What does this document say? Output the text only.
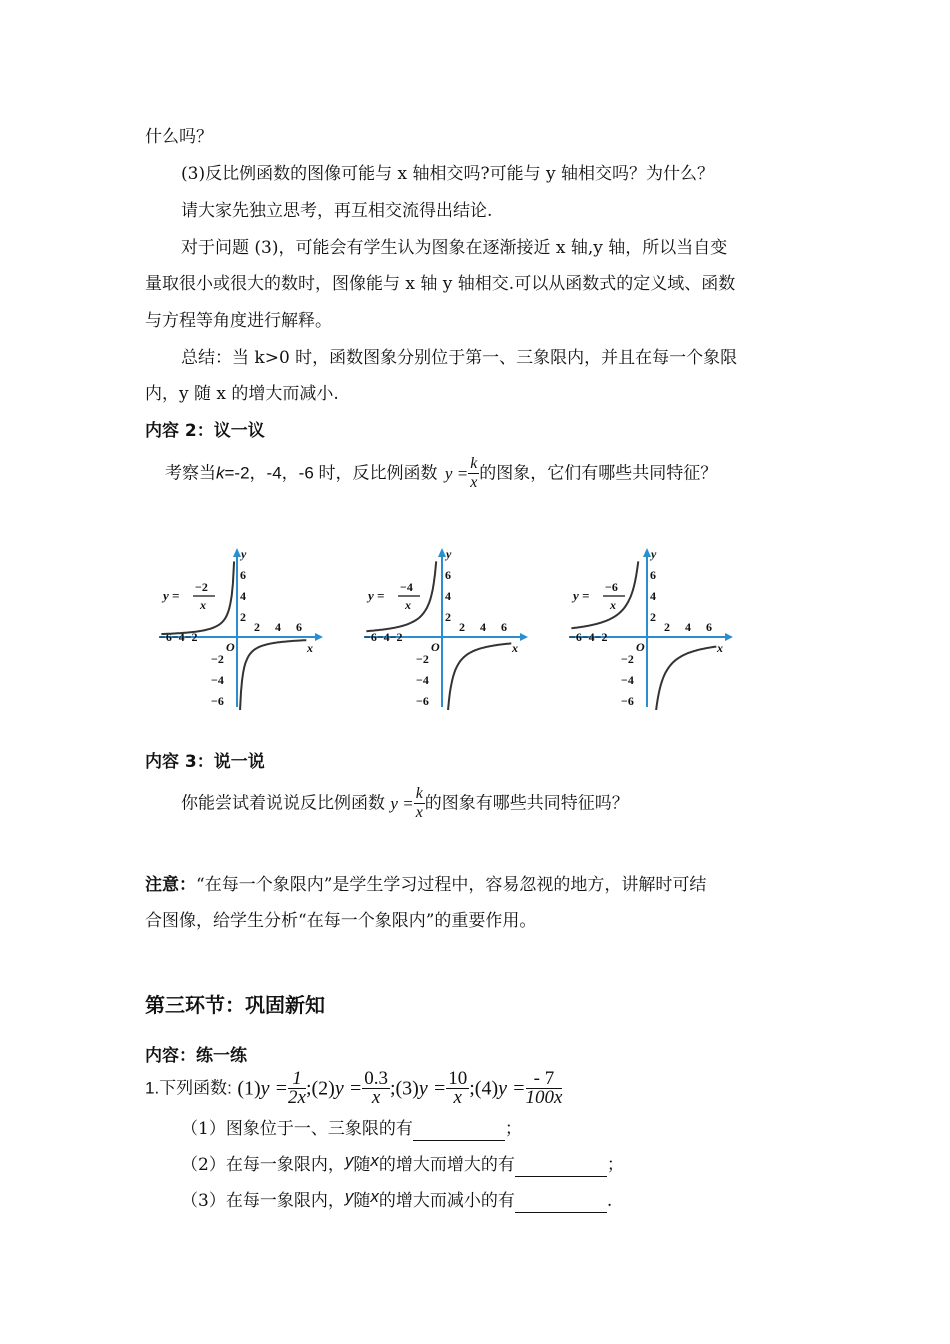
什么吗？
(3)反比例函数的图像可能与 x 轴相交吗?可能与 y 轴相交吗？为什么？
请大家先独立思考，再互相交流得出结论.
对于问题 (3)，可能会有学生认为图象在逐渐接近 x 轴,y 轴，所以当自变
量取很小或很大的数时，图像能与 x 轴 y 轴相交.可以从函数式的定义域、函数
与方程等角度进行解释。
总结：当 k>0 时，函数图象分别位于第一、三象限内，并且在每一个象限
内，y 随 x 的增大而减小.
内容 2：议一议
考察当k=-2，-4，-6 时，反比例函数 $y = \frac{k}{x}$ 的图象，它们有哪些共同特征？
y
x
O
6
4
2
−2
−4
−6
2 4 6
−6−4−2
y =
−2
x
y
x
O
6
4
2
−2
−4
−6
2 4 6
−6−4−2
y =
−4
x
y
x
O
6
4
2
−2
−4
−6
2 4 6
−6−4−2
y =
−6
x
内容 3：说一说
你能尝试着说说反比例函数 $y = \frac{k}{x}$ 的图象有哪些共同特征吗？
注意：“在每一个象限内”是学生学习过程中，容易忽视的地方，讲解时可结
合图像，给学生分析“在每一个象限内”的重要作用。
第三环节：巩固新知
内容：练一练
1.下列函数: $(1)y = \frac{1}{2x}$ ;(2)y = $\frac{0.3}{x}$ ;(3)y = $\frac{10}{x}$ ;(4)y = $\frac{- 7}{100x}$
（1）图象位于一、三象限的有	；
（2）在每一象限内，y随x的增大而增大的有	；
（3）在每一象限内，y随x的增大而减小的有	.
